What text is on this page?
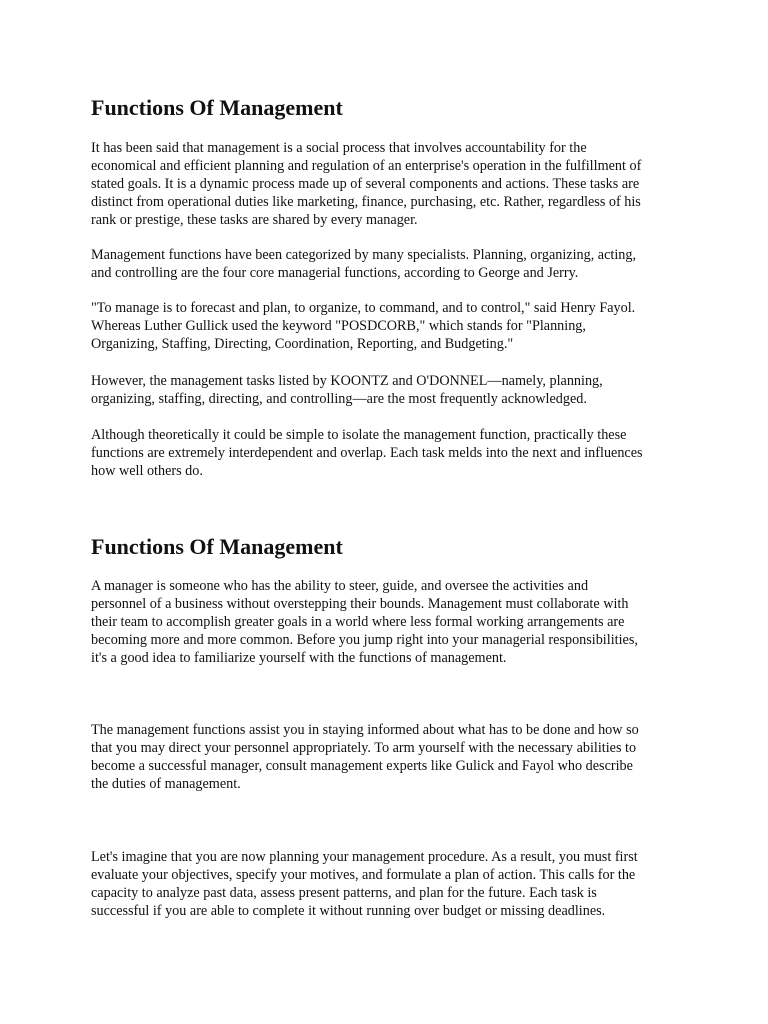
Functions Of Management

It has been said that management is a social process that involves accountability for the
economical and efficient planning and regulation of an enterprise's operation in the fulfillment of
stated goals. It is a dynamic process made up of several components and actions. These tasks are
distinct from operational duties like marketing, finance, purchasing, etc. Rather, regardless of his
rank or prestige, these tasks are shared by every manager.

Management functions have been categorized by many specialists. Planning, organizing, acting,
and controlling are the four core managerial functions, according to George and Jerry.

"To manage is to forecast and plan, to organize, to command, and to control," said Henry Fayol.
Whereas Luther Gullick used the keyword "POSDCORB," which stands for "Planning,
Organizing, Staffing, Directing, Coordination, Reporting, and Budgeting."

However, the management tasks listed by KOONTZ and O'DONNEL—namely, planning,
organizing, staffing, directing, and controlling—are the most frequently acknowledged.

Although theoretically it could be simple to isolate the management function, practically these
functions are extremely interdependent and overlap. Each task melds into the next and influences
how well others do.

Functions Of Management

A manager is someone who has the ability to steer, guide, and oversee the activities and
personnel of a business without overstepping their bounds. Management must collaborate with
their team to accomplish greater goals in a world where less formal working arrangements are
becoming more and more common. Before you jump right into your managerial responsibilities,
it's a good idea to familiarize yourself with the functions of management.

The management functions assist you in staying informed about what has to be done and how so
that you may direct your personnel appropriately. To arm yourself with the necessary abilities to
become a successful manager, consult management experts like Gulick and Fayol who describe
the duties of management.

Let's imagine that you are now planning your management procedure. As a result, you must first
evaluate your objectives, specify your motives, and formulate a plan of action. This calls for the
capacity to analyze past data, assess present patterns, and plan for the future. Each task is
successful if you are able to complete it without running over budget or missing deadlines.
